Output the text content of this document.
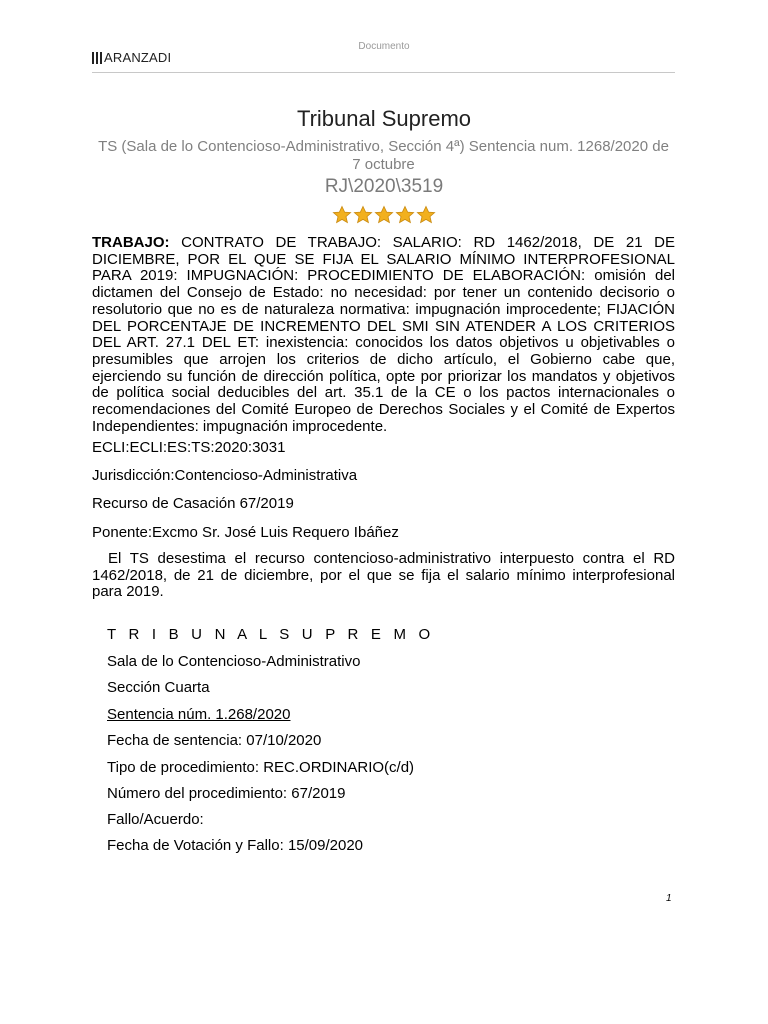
Documento
ARANZADI
Tribunal Supremo
TS (Sala de lo Contencioso-Administrativo, Sección 4ª) Sentencia num. 1268/2020 de 7 octubre
RJ\2020\3519
TRABAJO: CONTRATO DE TRABAJO: SALARIO: RD 1462/2018, DE 21 DE DICIEMBRE, POR EL QUE SE FIJA EL SALARIO MÍNIMO INTERPROFESIONAL PARA 2019: IMPUGNACIÓN: PROCEDIMIENTO DE ELABORACIÓN: omisión del dictamen del Consejo de Estado: no necesidad: por tener un contenido decisorio o resolutorio que no es de naturaleza normativa: impugnación improcedente; FIJACIÓN DEL PORCENTAJE DE INCREMENTO DEL SMI SIN ATENDER A LOS CRITERIOS DEL ART. 27.1 DEL ET: inexistencia: conocidos los datos objetivos u objetivables o presumibles que arrojen los criterios de dicho artículo, el Gobierno cabe que, ejerciendo su función de dirección política, opte por priorizar los mandatos y objetivos de política social deducibles del art. 35.1 de la CE o los pactos internacionales o recomendaciones del Comité Europeo de Derechos Sociales y el Comité de Expertos Independientes: impugnación improcedente.
ECLI:ECLI:ES:TS:2020:3031
Jurisdicción:Contencioso-Administrativa
Recurso de Casación 67/2019
Ponente:Excmo Sr. José Luis Requero Ibáñez
El TS desestima el recurso contencioso-administrativo interpuesto contra el RD 1462/2018, de 21 de diciembre, por el que se fija el salario mínimo interprofesional para 2019.
T R I B U N A L S U P R E M O
Sala de lo Contencioso-Administrativo
Sección Cuarta
Sentencia núm. 1.268/2020
Fecha de sentencia: 07/10/2020
Tipo de procedimiento: REC.ORDINARIO(c/d)
Número del procedimiento: 67/2019
Fallo/Acuerdo:
Fecha de Votación y Fallo: 15/09/2020
1
